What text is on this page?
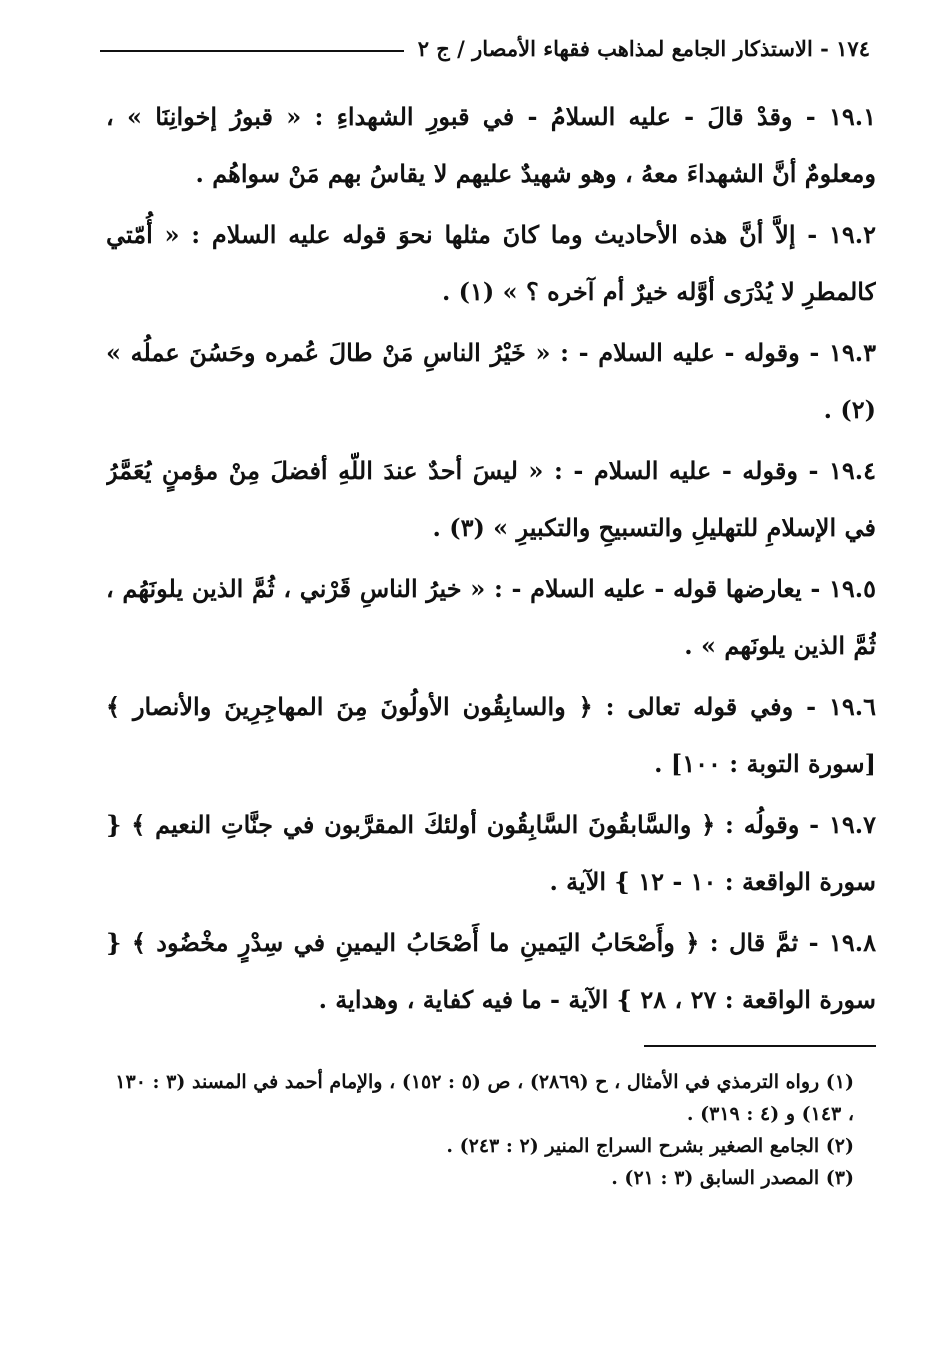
١٧٤ - الاستذكار الجامع لمذاهب فقهاء الأمصار / ج ٢

١٩.١ - وقدْ قالَ - عليه السلامُ - في قبورِ الشهداءِ : « قبورُ إخوانِنَا » ، ومعلومٌ أنَّ الشهداءَ معهُ ، وهو شهيدٌ عليهم لا يقاسُ بهم مَنْ سواهُم .

١٩.٢ - إلاَّ أنَّ هذه الأحاديث وما كانَ مثلها نحوَ قوله عليه السلام : « أُمّتي كالمطرِ لا يُدْرَى أوَّله خيرٌ أم آخره ؟ » (١) .

١٩.٣ - وقوله - عليه السلام - : « خَيْرُ الناسِ مَنْ طالَ عُمره وحَسُنَ عملُه » (٢) .

١٩.٤ - وقوله - عليه السلام - : « ليسَ أحدٌ عندَ اللّهِ أفضلَ مِنْ مؤمنٍ يُعَمَّرُ في الإسلامِ للتهليلِ والتسبيحِ والتكبيرِ » (٣) .

١٩.٥ - يعارضها قوله - عليه السلام - : « خيرُ الناسِ قَرْني ، ثُمَّ الذين يلونَهُم ، ثُمَّ الذين يلونَهم » .

١٩.٦ - وفي قوله تعالى : ﴿ والسابِقُون الأولُونَ مِنَ المهاجِرِينَ والأنصار ﴾ [سورة التوبة : ١٠٠] .

١٩.٧ - وقولُه : ﴿ والسَّابقُونَ السَّابِقُون أولئكَ المقرَّبون في جنَّاتِ النعيم ﴾ { سورة الواقعة : ١٠ - ١٢ } الآية .

١٩.٨ - ثمَّ قال : ﴿ وأَصْحَابُ اليَمينِ ما أَصْحَابُ اليمينِ في سِدْرٍ مخْضُود ﴾ { سورة الواقعة : ٢٧ ، ٢٨ } الآية - ما فيه كفاية ، وهداية .

(١) رواه الترمذي في الأمثال ، ح (٢٨٦٩) ، ص (٥ : ١٥٢) ، والإمام أحمد في المسند (٣ : ١٣٠ ، ١٤٣) و (٤ : ٣١٩) .

(٢) الجامع الصغير بشرح السراج المنير (٢ : ٢٤٣) .

(٣) المصدر السابق (٣ : ٢١) .
